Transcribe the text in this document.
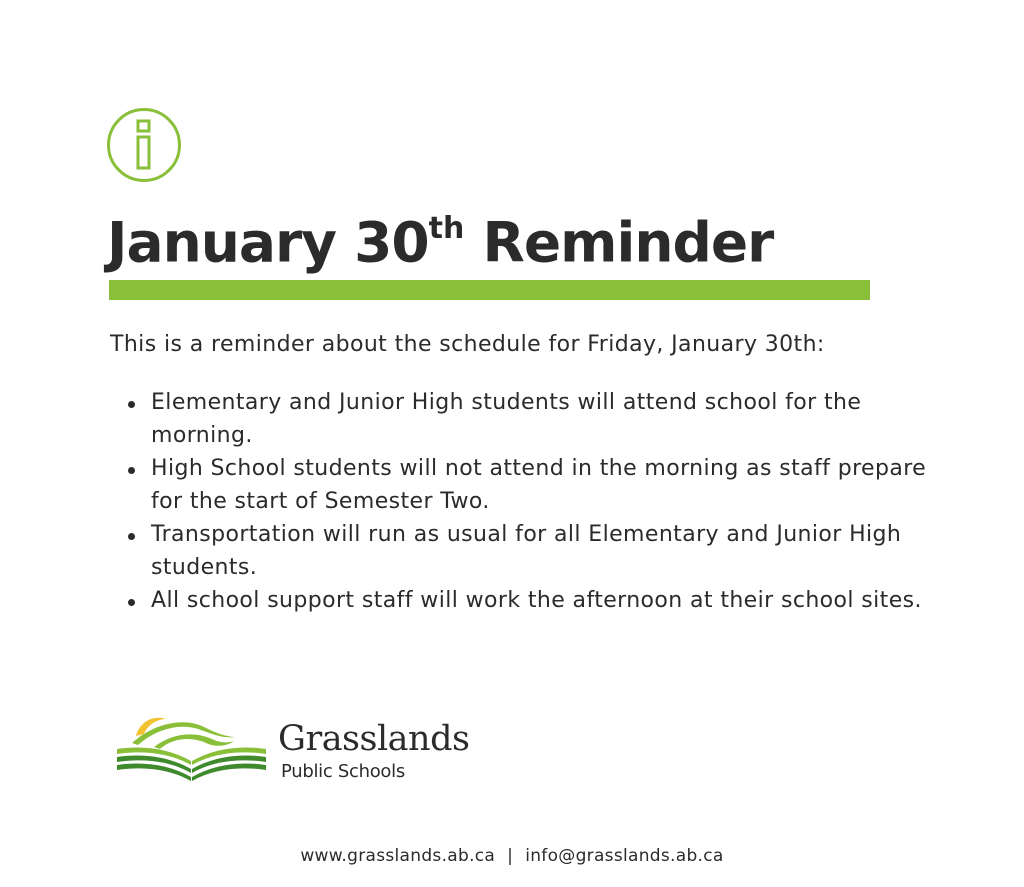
January 30th Reminder

This is a reminder about the schedule for Friday, January 30th:

Elementary and Junior High students will attend school for the morning.
High School students will not attend in the morning as staff prepare for the start of Semester Two.
Transportation will run as usual for all Elementary and Junior High students.
All school support staff will work the afternoon at their school sites.
Grasslands
Public Schools
www.grasslands.ab.ca | info@grasslands.ab.ca
